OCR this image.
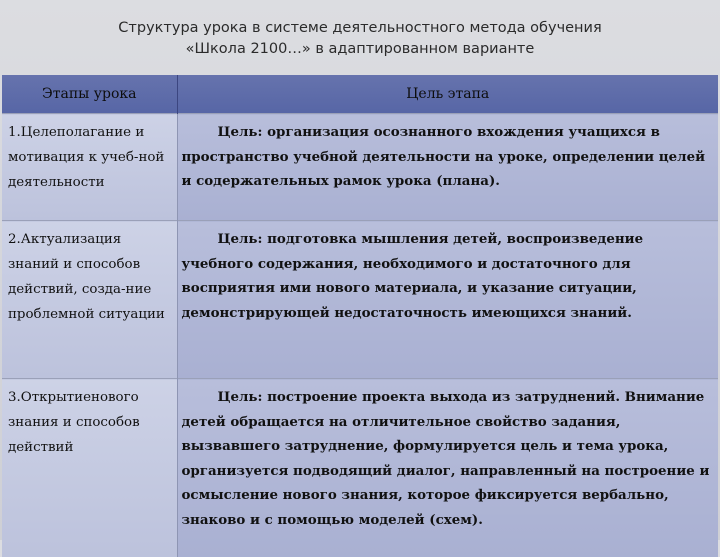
Структура урока в системе деятельностного метода обучения
«Школа 2100…» в адаптированном варианте
Этапы урока	Цель этапа
1.Целеполагание и мотивация к учеб-ной деятельности	Цель: организация осознанного вхождения учащихся в пространство учебной деятельности на уроке, определении целей и содержательных рамок урока (плана).
2.Актуализация знаний и способов действий, созда-ние проблемной ситуации	Цель: подготовка мышления детей, воспроизведение учебного содержания, необходимого и достаточного для восприятия ими нового материала, и указание ситуации, демонстрирующей недостаточность имеющихся знаний.
3.Открытиенового знания и способов действий	Цель: построение проекта выхода из затруднений. Внимание детей обращается на отличительное свойство задания, вызвавшего затруднение, формулируется цель и тема урока, организуется подводящий диалог, направленный на построение и осмысление нового знания, которое фиксируется вербально, знаково и с помощью моделей (схем).
